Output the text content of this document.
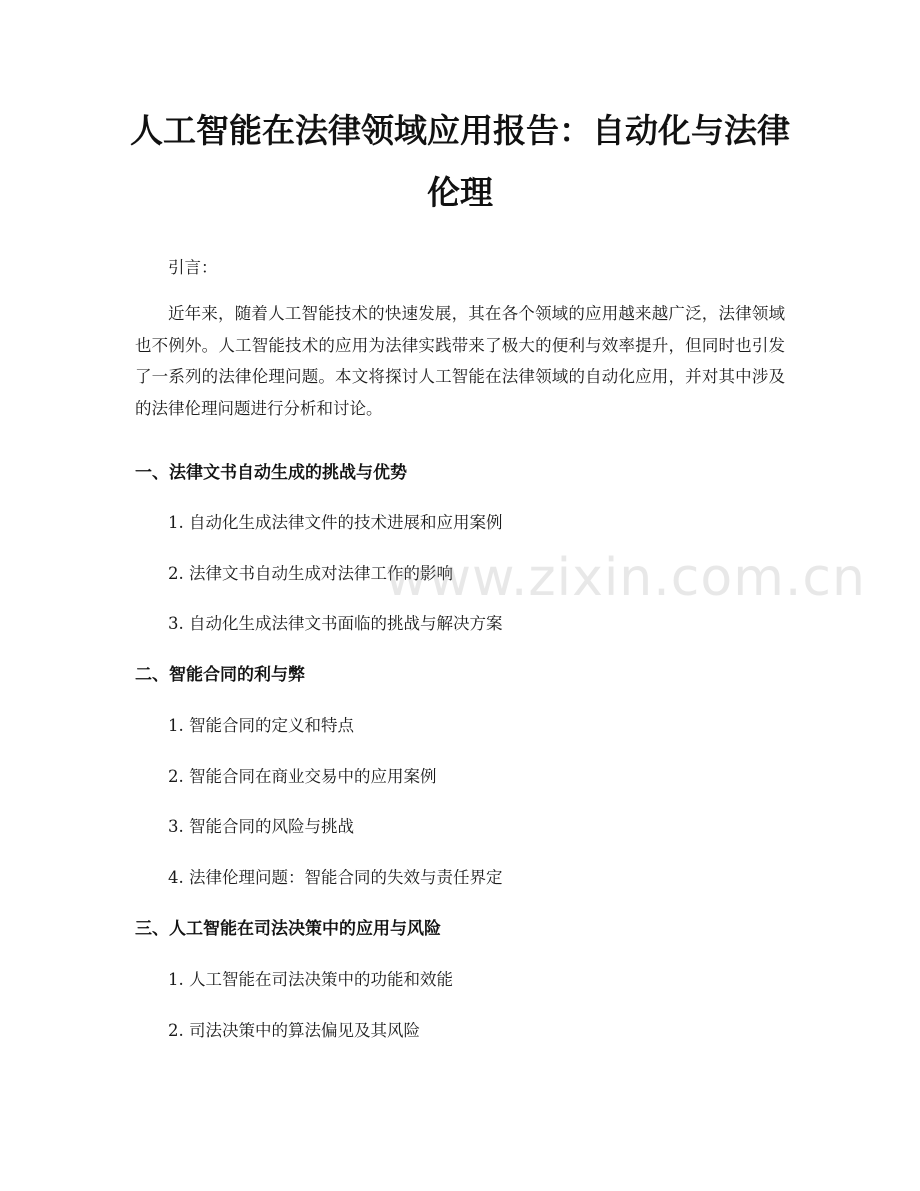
人工智能在法律领域应用报告：自动化与法律伦理

引言：

近年来，随着人工智能技术的快速发展，其在各个领域的应用越来越广泛，法律领域也不例外。人工智能技术的应用为法律实践带来了极大的便利与效率提升，但同时也引发了一系列的法律伦理问题。本文将探讨人工智能在法律领域的自动化应用，并对其中涉及的法律伦理问题进行分析和讨论。

一、法律文书自动生成的挑战与优势

1. 自动化生成法律文件的技术进展和应用案例

2. 法律文书自动生成对法律工作的影响

3. 自动化生成法律文书面临的挑战与解决方案

二、智能合同的利与弊

1. 智能合同的定义和特点

2. 智能合同在商业交易中的应用案例

3. 智能合同的风险与挑战

4. 法律伦理问题：智能合同的失效与责任界定

三、人工智能在司法决策中的应用与风险

1. 人工智能在司法决策中的功能和效能

2. 司法决策中的算法偏见及其风险

www.zixin.com.cn
